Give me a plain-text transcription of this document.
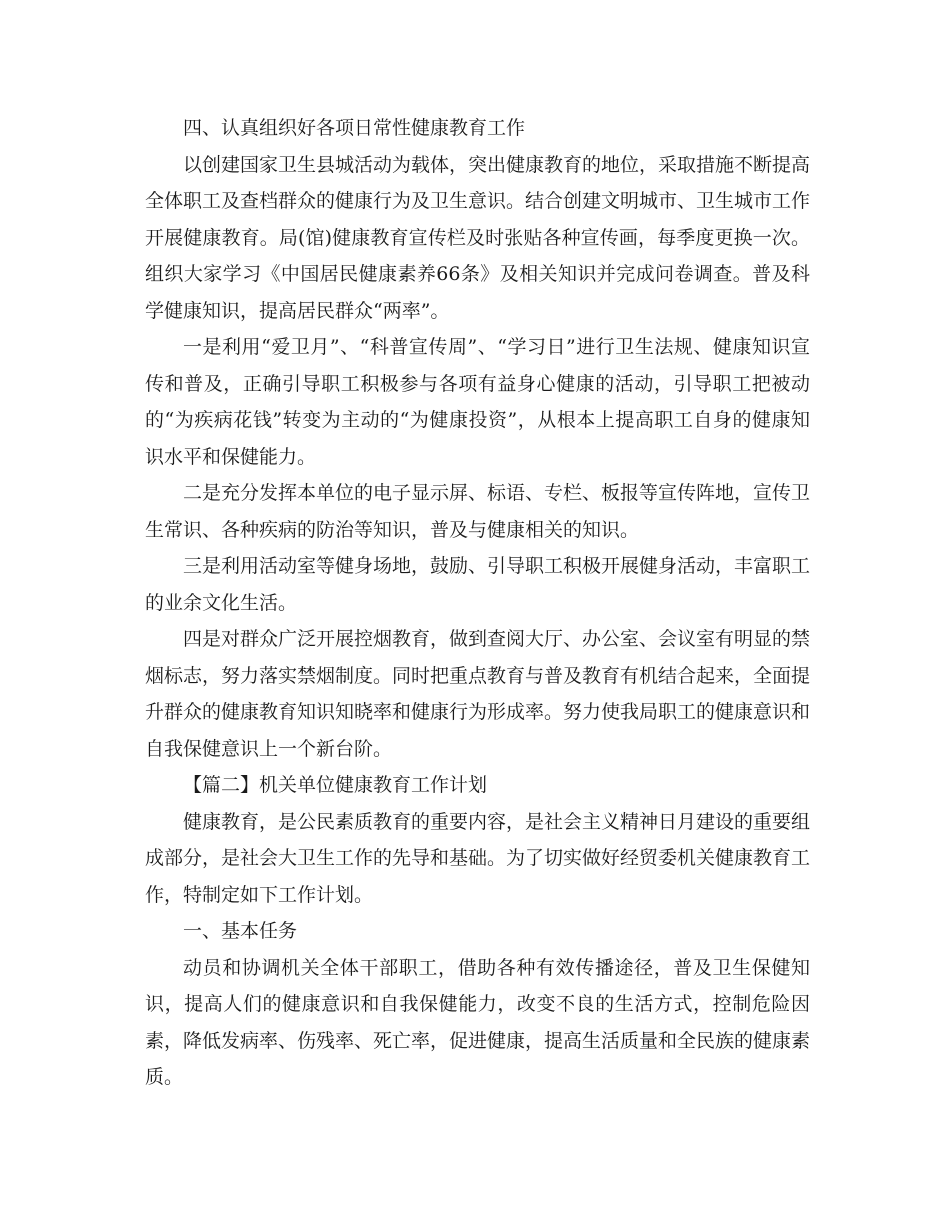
四、认真组织好各项日常性健康教育工作

以创建国家卫生县城活动为载体，突出健康教育的地位，采取措施不断提高全体职工及查档群众的健康行为及卫生意识。结合创建文明城市、卫生城市工作开展健康教育。局(馆)健康教育宣传栏及时张贴各种宣传画，每季度更换一次。组织大家学习《中国居民健康素养66条》及相关知识并完成问卷调查。普及科学健康知识，提高居民群众“两率”。

一是利用“爱卫月”、“科普宣传周”、“学习日”进行卫生法规、健康知识宣传和普及，正确引导职工积极参与各项有益身心健康的活动，引导职工把被动的“为疾病花钱”转变为主动的“为健康投资”，从根本上提高职工自身的健康知识水平和保健能力。

二是充分发挥本单位的电子显示屏、标语、专栏、板报等宣传阵地，宣传卫生常识、各种疾病的防治等知识，普及与健康相关的知识。

三是利用活动室等健身场地，鼓励、引导职工积极开展健身活动，丰富职工的业余文化生活。

四是对群众广泛开展控烟教育，做到查阅大厅、办公室、会议室有明显的禁烟标志，努力落实禁烟制度。同时把重点教育与普及教育有机结合起来，全面提升群众的健康教育知识知晓率和健康行为形成率。努力使我局职工的健康意识和自我保健意识上一个新台阶。

【篇二】机关单位健康教育工作计划

健康教育，是公民素质教育的重要内容，是社会主义精神日月建设的重要组成部分，是社会大卫生工作的先导和基础。为了切实做好经贸委机关健康教育工作，特制定如下工作计划。

一、基本任务

动员和协调机关全体干部职工，借助各种有效传播途径，普及卫生保健知识，提高人们的健康意识和自我保健能力，改变不良的生活方式，控制危险因素，降低发病率、伤残率、死亡率，促进健康，提高生活质量和全民族的健康素质。
